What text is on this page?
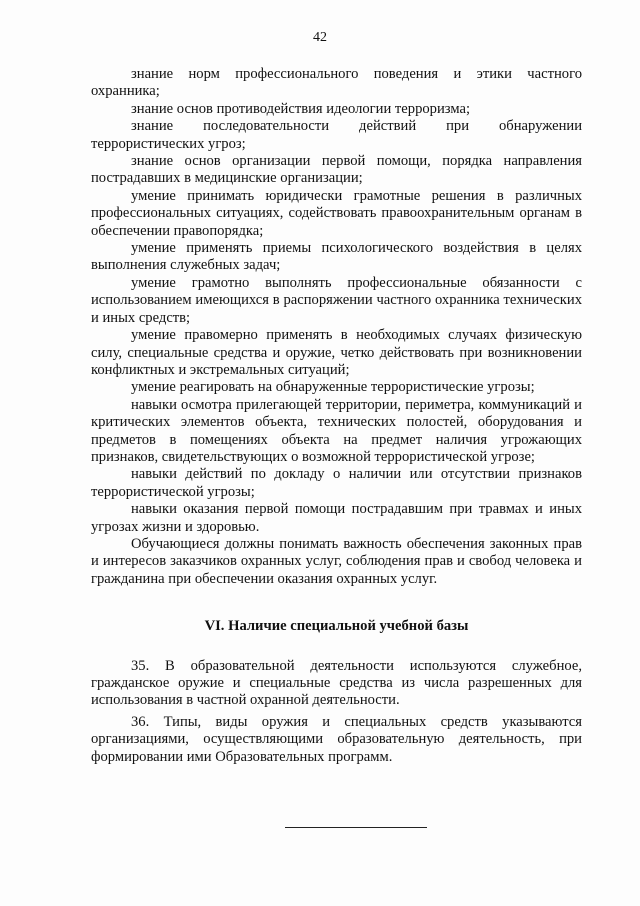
42

знание норм профессионального поведения и этики частного охранника;

знание основ противодействия идеологии терроризма;

знание последовательности действий при обнаружении террористических угроз;

знание основ организации первой помощи, порядка направления пострадавших в медицинские организации;

умение принимать юридически грамотные решения в различных профессиональных ситуациях, содействовать правоохранительным органам в обеспечении правопорядка;

умение применять приемы психологического воздействия в целях выполнения служебных задач;

умение грамотно выполнять профессиональные обязанности с использованием имеющихся в распоряжении частного охранника технических и иных средств;

умение правомерно применять в необходимых случаях физическую силу, специальные средства и оружие, четко действовать при возникновении конфликтных и экстремальных ситуаций;

умение реагировать на обнаруженные террористические угрозы;

навыки осмотра прилегающей территории, периметра, коммуникаций и критических элементов объекта, технических полостей, оборудования и предметов в помещениях объекта на предмет наличия угрожающих признаков, свидетельствующих о возможной террористической угрозе;

навыки действий по докладу о наличии или отсутствии признаков террористической угрозы;

навыки оказания первой помощи пострадавшим при травмах и иных угрозах жизни и здоровью.

Обучающиеся должны понимать важность обеспечения законных прав и интересов заказчиков охранных услуг, соблюдения прав и свобод человека и гражданина при обеспечении оказания охранных услуг.

VI. Наличие специальной учебной базы

35. В образовательной деятельности используются служебное, гражданское оружие и специальные средства из числа разрешенных для использования в частной охранной деятельности.

36. Типы, виды оружия и специальных средств указываются организациями, осуществляющими образовательную деятельность, при формировании ими Образовательных программ.
